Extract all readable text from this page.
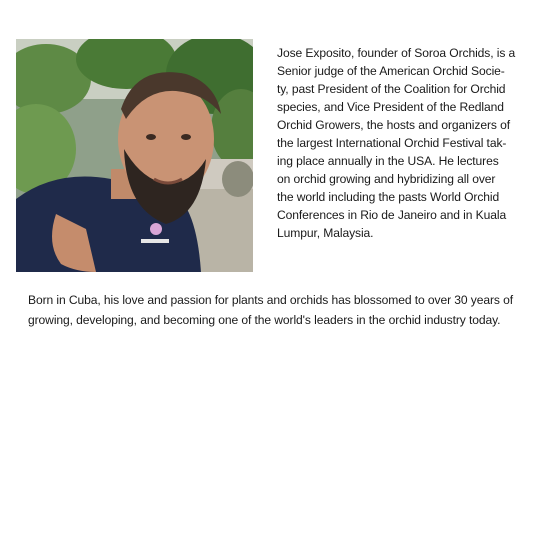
Jose Exposito, founder of Soroa Orchids, is a
Senior judge of the American Orchid Socie-
ty, past President of the Coalition for Orchid
species, and Vice President of the Redland
Orchid Growers, the hosts and organizers of
the largest International Orchid Festival tak-
ing place annually in the USA. He lectures
on orchid growing and hybridizing all over
the world including the pasts World Orchid
Conferences in Rio de Janeiro and in Kuala
Lumpur, Malaysia.
Born in Cuba, his love and passion for plants and orchids has blossomed to over 30 years of
growing, developing, and becoming one of the world's leaders in the orchid industry today.
